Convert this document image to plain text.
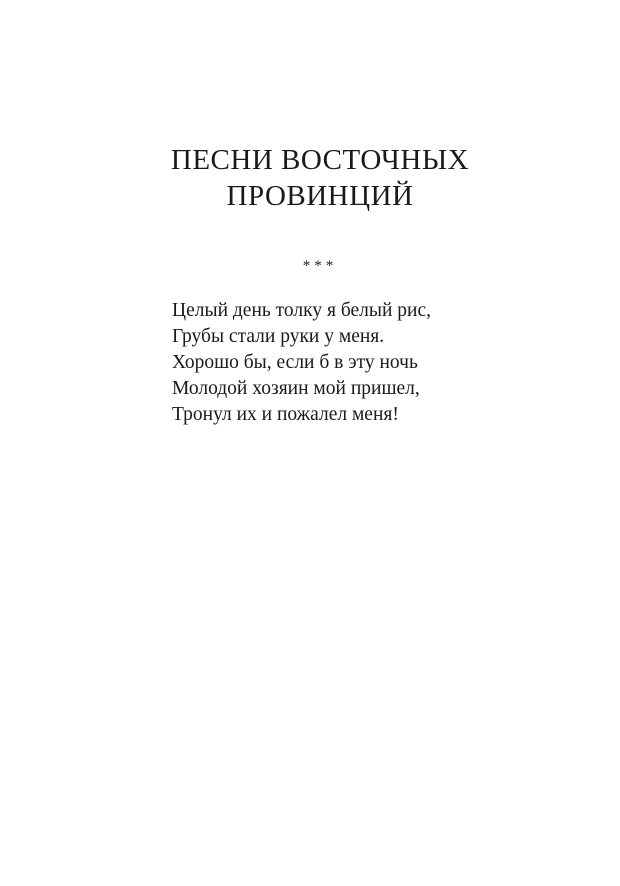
ПЕСНИ ВОСТОЧНЫХ
ПРОВИНЦИЙ
***
Целый день толку я белый рис,
Грубы стали руки у меня.
Хорошо бы, если б в эту ночь
Молодой хозяин мой пришел,
Тронул их и пожалел меня!
